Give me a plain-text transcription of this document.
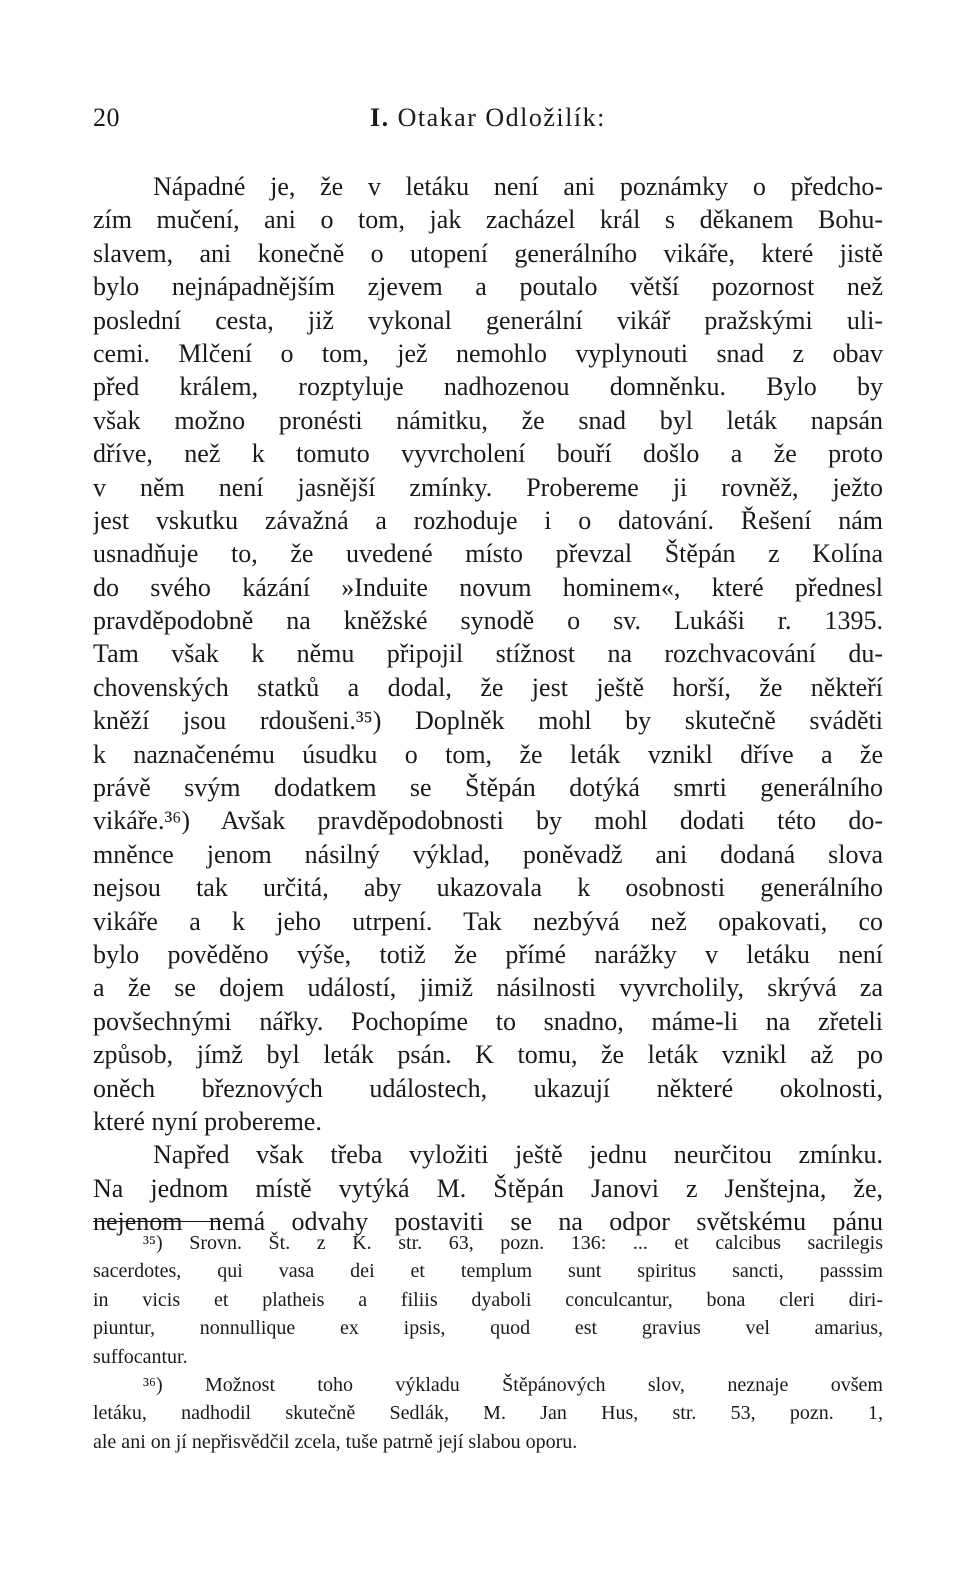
20	I. Otakar Odložilík:
Nápadné je, že v letáku není ani poznámky o předcho-
zím mučení, ani o tom, jak zacházel král s děkanem Bohu-
slavem, ani konečně o utopení generálního vikáře, které jistě
bylo nejnápadnějším zjevem a poutalo větší pozornost než
poslední cesta, již vykonal generální vikář pražskými uli-
cemi. Mlčení o tom, jež nemohlo vyplynouti snad z obav
před králem, rozptyluje nadhozenou domněnku. Bylo by
však možno pronésti námitku, že snad byl leták napsán
dříve, než k tomuto vyvrcholení bouří došlo a že proto
v něm není jasnější zmínky. Probereme ji rovněž, ježto
jest vskutku závažná a rozhoduje i o datování. Řešení nám
usnadňuje to, že uvedené místo převzal Štěpán z Kolína
do svého kázání »Induite novum hominem«, které přednesl
pravděpodobně na kněžské synodě o sv. Lukáši r. 1395.
Tam však k němu připojil stížnost na rozchvacování du-
chovenských statků a dodal, že jest ještě horší, že někteří
kněží jsou rdoušeni.³⁵) Doplněk mohl by skutečně sváděti
k naznačenému úsudku o tom, že leták vznikl dříve a že
právě svým dodatkem se Štěpán dotýká smrti generálního
vikáře.³⁶) Avšak pravděpodobnosti by mohl dodati této do-
mněnce jenom násilný výklad, poněvadž ani dodaná slova
nejsou tak určitá, aby ukazovala k osobnosti generálního
vikáře a k jeho utrpení. Tak nezbývá než opakovati, co
bylo pověděno výše, totiž že přímé narážky v letáku není
a že se dojem událostí, jimiž násilnosti vyvrcholily, skrývá za
povšechnými nářky. Pochopíme to snadno, máme-li na zřeteli
způsob, jímž byl leták psán. K tomu, že leták vznikl až po
oněch březnových událostech, ukazují některé okolnosti,
které nyní probereme.
Napřed však třeba vyložiti ještě jednu neurčitou zmínku.
Na jednom místě vytýká M. Štěpán Janovi z Jenštejna, že,
nejenom nemá odvahy postaviti se na odpor světskému pánu
³⁵) Srovn. Št. z K. str. 63, pozn. 136: ... et calcibus sacrilegis
sacerdotes, qui vasa dei et templum sunt spiritus sancti, passsim
in vicis et platheis a filiis dyaboli conculcantur, bona cleri diri-
piuntur, nonnullique ex ipsis, quod est gravius vel amarius,
suffocantur.
³⁶) Možnost toho výkladu Štěpánových slov, neznaje ovšem
letáku, nadhodil skutečně Sedlák, M. Jan Hus, str. 53, pozn. 1,
ale ani on jí nepřisvědčil zcela, tuše patrně její slabou oporu.
